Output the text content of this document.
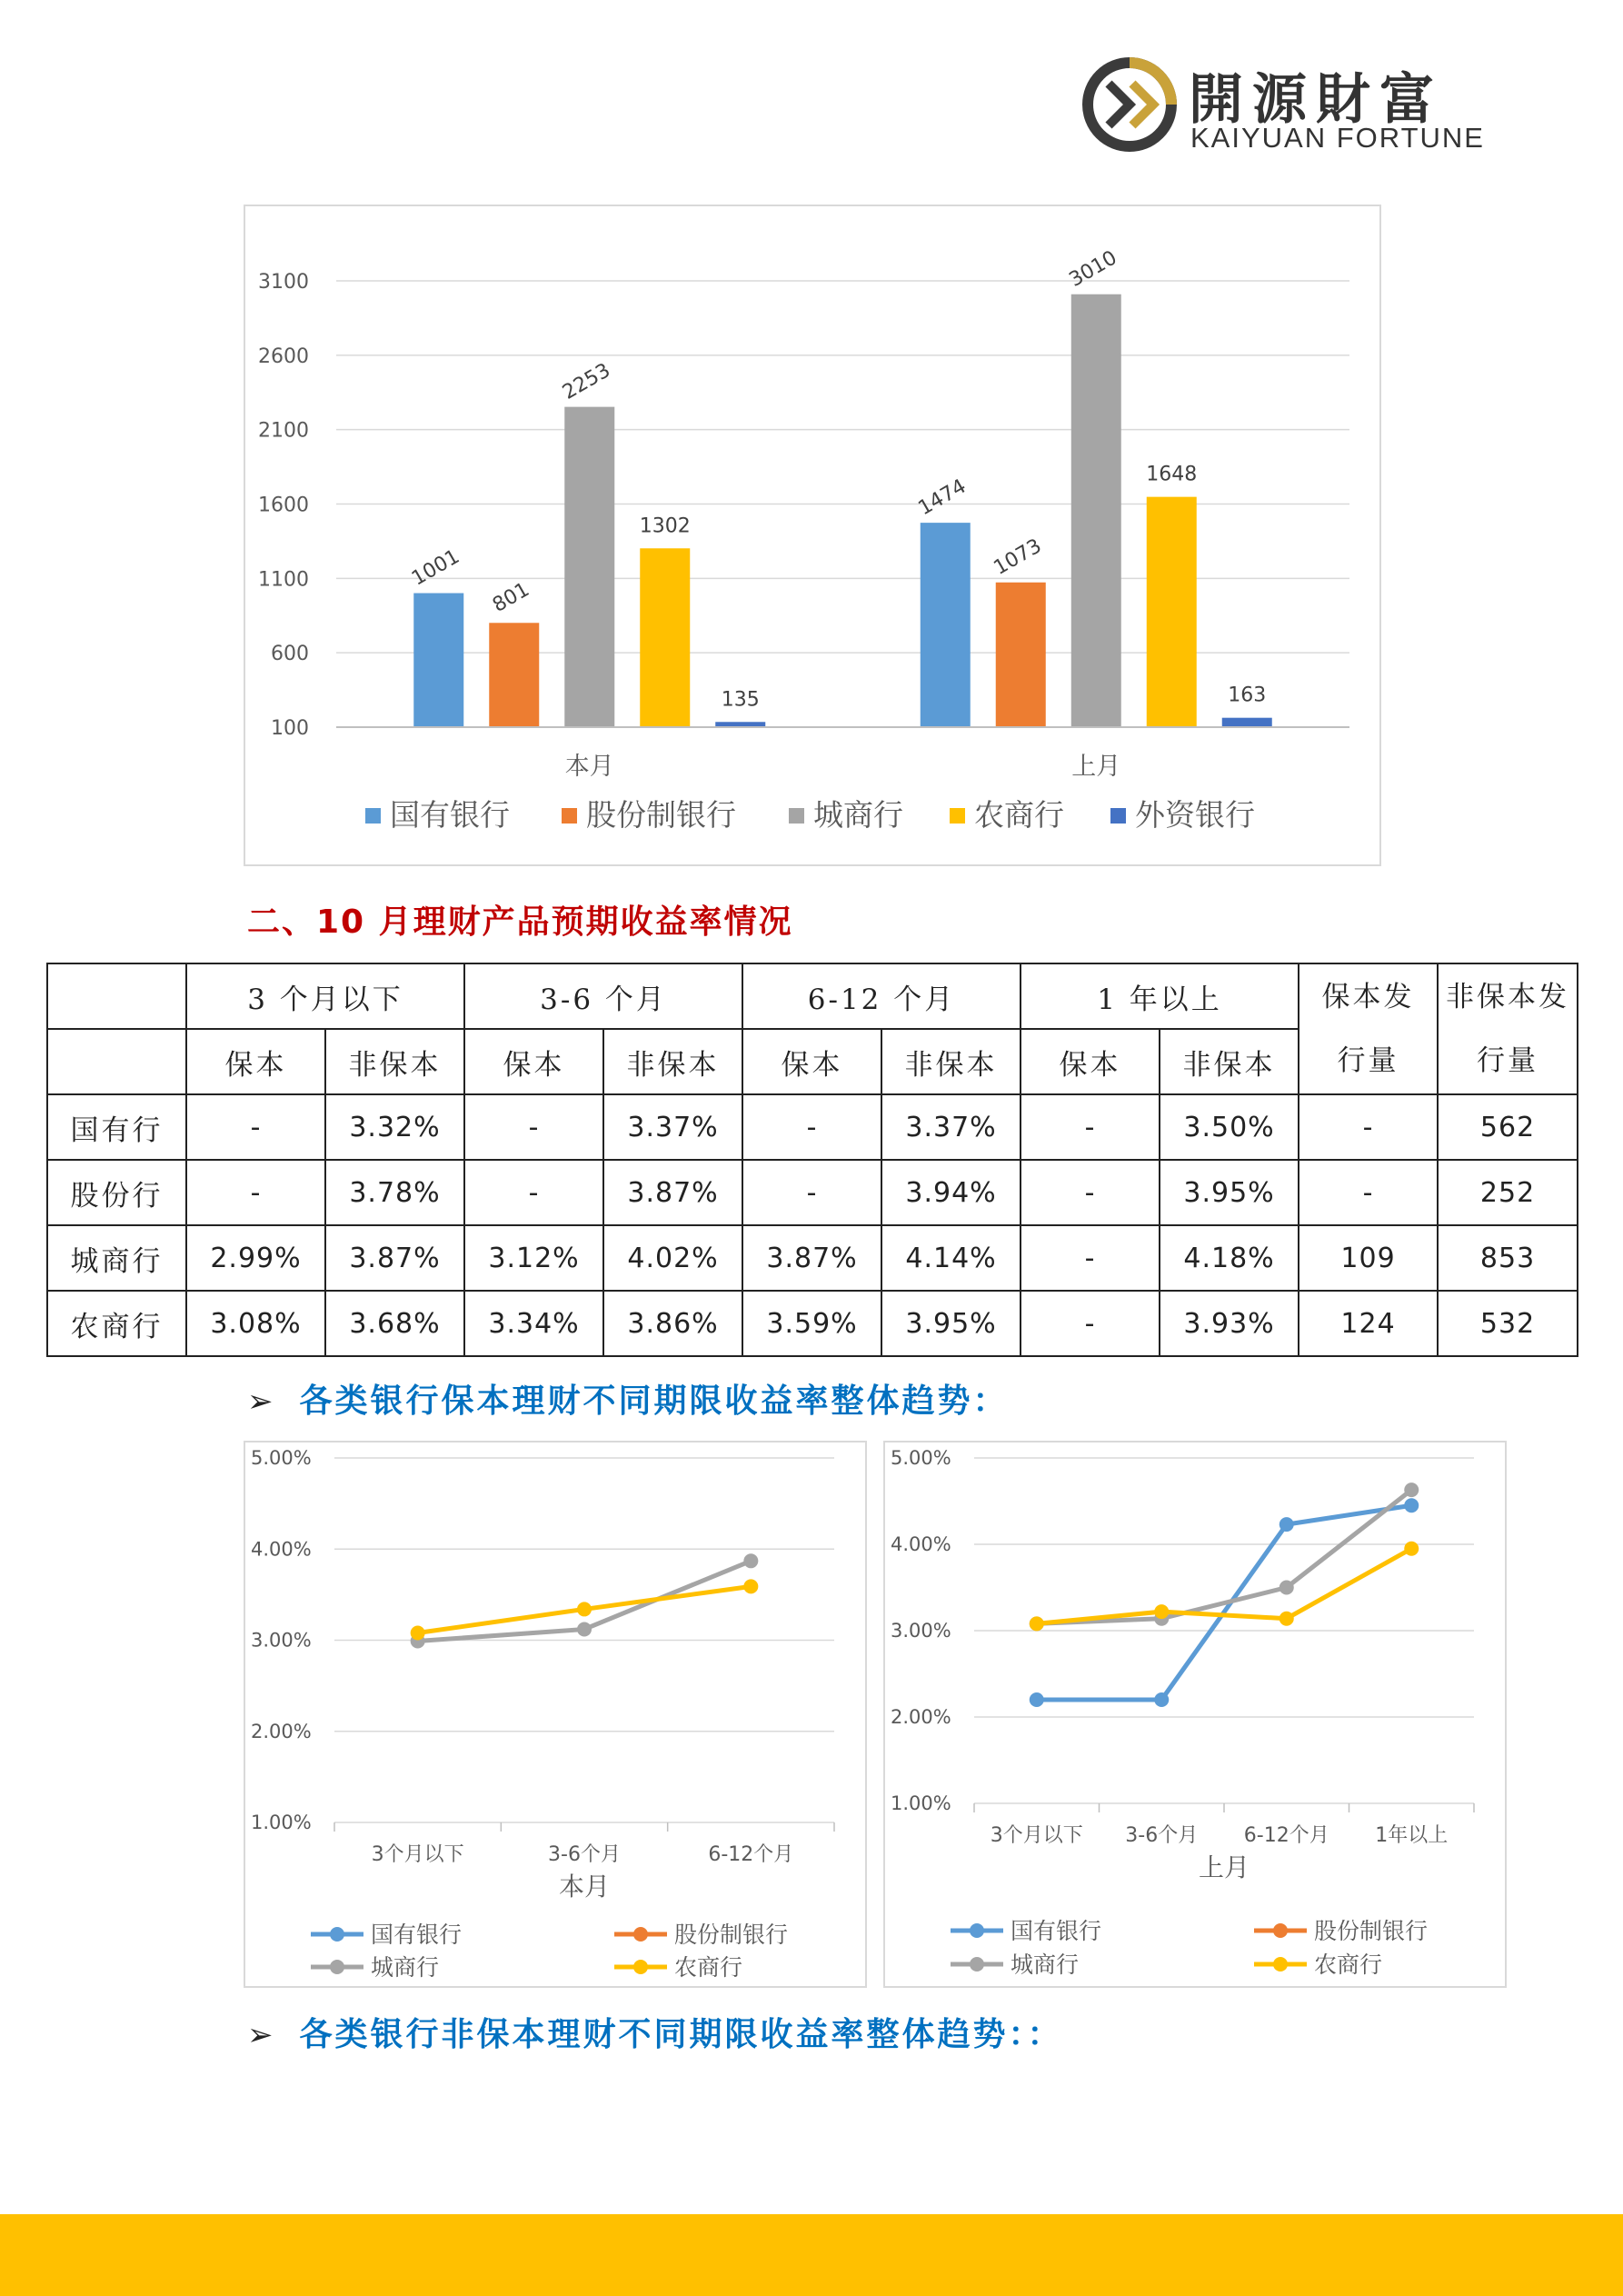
開源財富
KAIYUAN FORTUNE
100
600
1100
1600
2100
2600
3100
1001
801
2253
1302
135
本月
1474
1073
3010
1648
163
上月
国有银行	股份制银行	城商行 农商行 外资银行
二、10 月理财产品预期收益率情况
	3 个月以下		3-6 个月		6-12 个月		1 年以上		保本发行量	非保本发行量
	保本	非保本	保本	非保本	保本	非保本	保本	非保本		
国有行	-	3.32%	-	3.37%	-	3.37%	-	3.50%	-	562
股份行	-	3.78%	-	3.87%	-	3.94%	-	3.95%	-	252
城商行	2.99%	3.87%	3.12%	4.02%	3.87%	4.14%	-	4.18%	109	853
农商行	3.08%	3.68%	3.34%	3.86%	3.59%	3.95%	-	3.93%	124	532
➢ 各类银行保本理财不同期限收益率整体趋势：
1.00%
2.00%
3.00%
4.00%
5.00%
3个月以下	3-6个月	6-12个月
本月
国有银行	股份制银行
城商行	农商行
1.00%
2.00%
3.00%
4.00%
5.00%
3个月以下 3-6个月 6-12个月 1年以上
上月
国有银行	股份制银行
城商行	农商行
➢ 各类银行非保本理财不同期限收益率整体趋势：：
